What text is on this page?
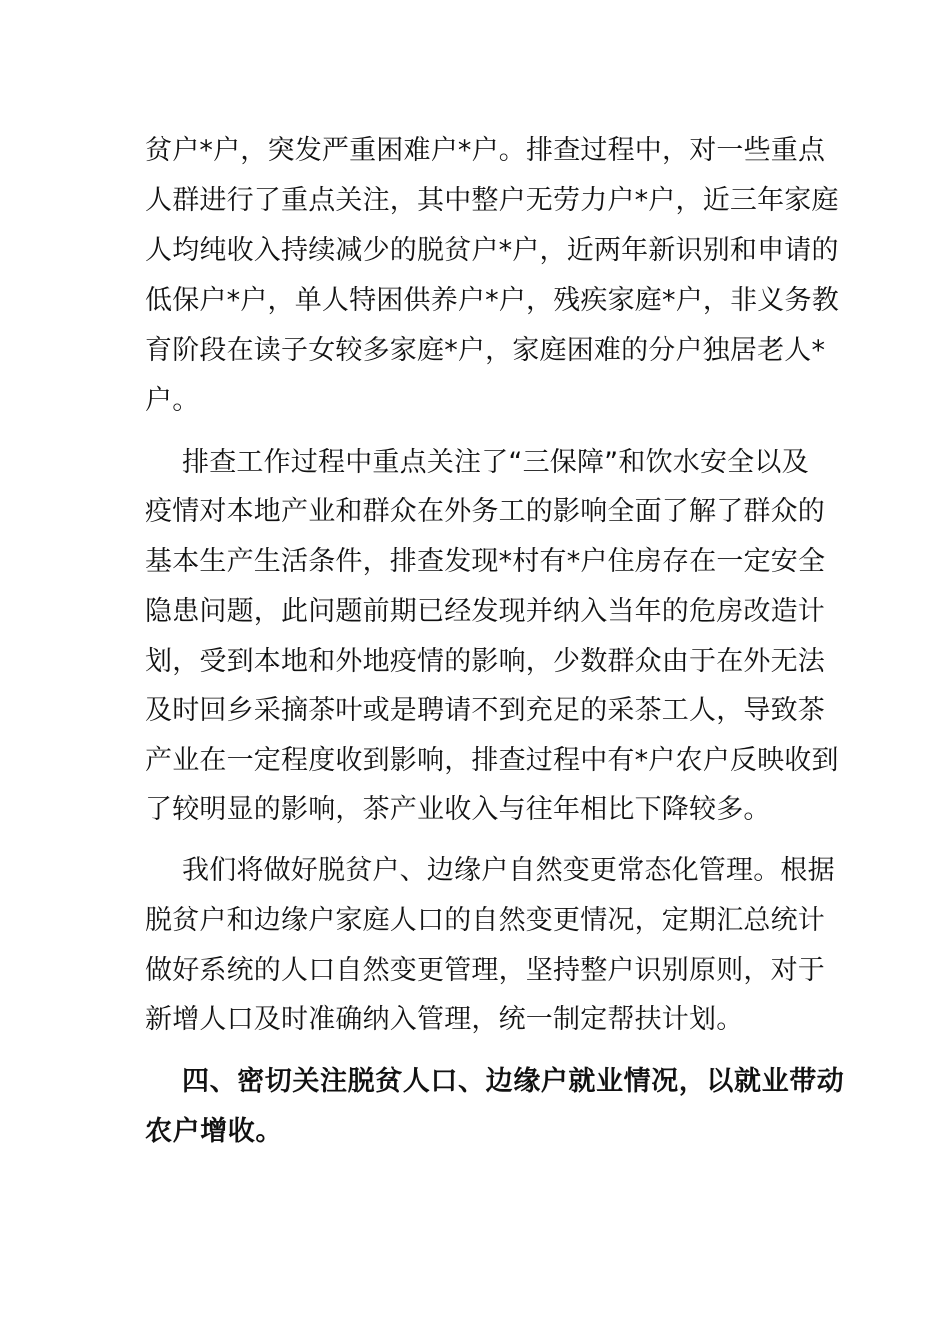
贫户*户，突发严重困难户*户。排查过程中，对一些重点

人群进行了重点关注，其中整户无劳力户*户，近三年家庭

人均纯收入持续减少的脱贫户*户，近两年新识别和申请的

低保户*户，单人特困供养户*户，残疾家庭*户，非义务教

育阶段在读子女较多家庭*户，家庭困难的分户独居老人*

户。

排查工作过程中重点关注了“三保障”和饮水安全以及

疫情对本地产业和群众在外务工的影响全面了解了群众的

基本生产生活条件，排查发现*村有*户住房存在一定安全

隐患问题，此问题前期已经发现并纳入当年的危房改造计

划，受到本地和外地疫情的影响，少数群众由于在外无法

及时回乡采摘茶叶或是聘请不到充足的采茶工人，导致茶

产业在一定程度收到影响，排查过程中有*户农户反映收到

了较明显的影响，茶产业收入与往年相比下降较多。

我们将做好脱贫户、边缘户自然变更常态化管理。根据

脱贫户和边缘户家庭人口的自然变更情况，定期汇总统计

做好系统的人口自然变更管理，坚持整户识别原则，对于

新增人口及时准确纳入管理，统一制定帮扶计划。

四、密切关注脱贫人口、边缘户就业情况，以就业带动

农户增收。
